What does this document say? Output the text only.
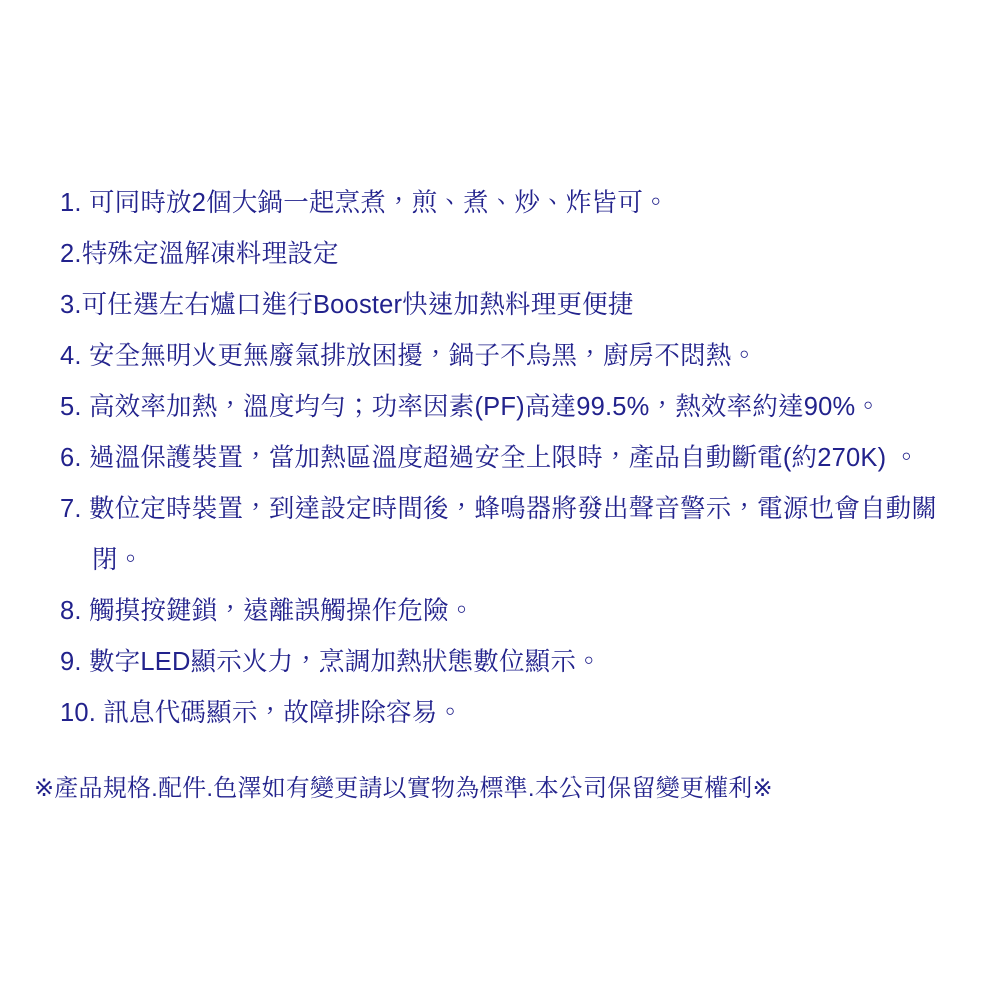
1. 可同時放2個大鍋一起烹煮，煎、煮、炒、炸皆可。
2.特殊定溫解凍料理設定
3.可任選左右爐口進行Booster快速加熱料理更便捷
4. 安全無明火更無廢氣排放困擾，鍋子不烏黑，廚房不悶熱。
5. 高效率加熱，溫度均勻；功率因素(PF)高達99.5%，熱效率約達90%。
6. 過溫保護裝置，當加熱區溫度超過安全上限時，產品自動斷電(約270K) 。
7. 數位定時裝置，到達設定時間後，蜂鳴器將發出聲音警示，電源也會自動關閉。
8. 觸摸按鍵鎖，遠離誤觸操作危險。
9. 數字LED顯示火力，烹調加熱狀態數位顯示。
10. 訊息代碼顯示，故障排除容易。
※產品規格.配件.色澤如有變更請以實物為標準.本公司保留變更權利※
